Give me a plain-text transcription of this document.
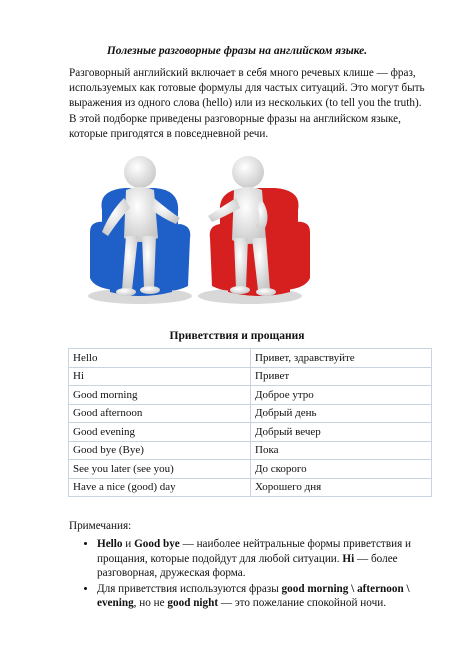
Полезные разговорные фразы на английском языке.
Разговорный английский включает в себя много речевых клише — фраз, используемых как готовые формулы для частых ситуаций. Это могут быть выражения из одного слова (hello) или из нескольких (to tell you the truth). В этой подборке приведены разговорные фразы на английском языке, которые пригодятся в повседневной речи.
Приветствия и прощания
Hello	Привет, здравствуйте
Hi	Привет
Good morning	Доброе утро
Good afternoon	Добрый день
Good evening	Добрый вечер
Good bye (Bye)	Пока
See you later (see you)	До скорого
Have a nice (good) day	Хорошего дня
Примечания:
• Hello и Good bye — наиболее нейтральные формы приветствия и прощания, которые подойдут для любой ситуации. Hi — более разговорная, дружеская форма.
• Для приветствия используются фразы good morning \ afternoon \ evening, но не good night — это пожелание спокойной ночи.
